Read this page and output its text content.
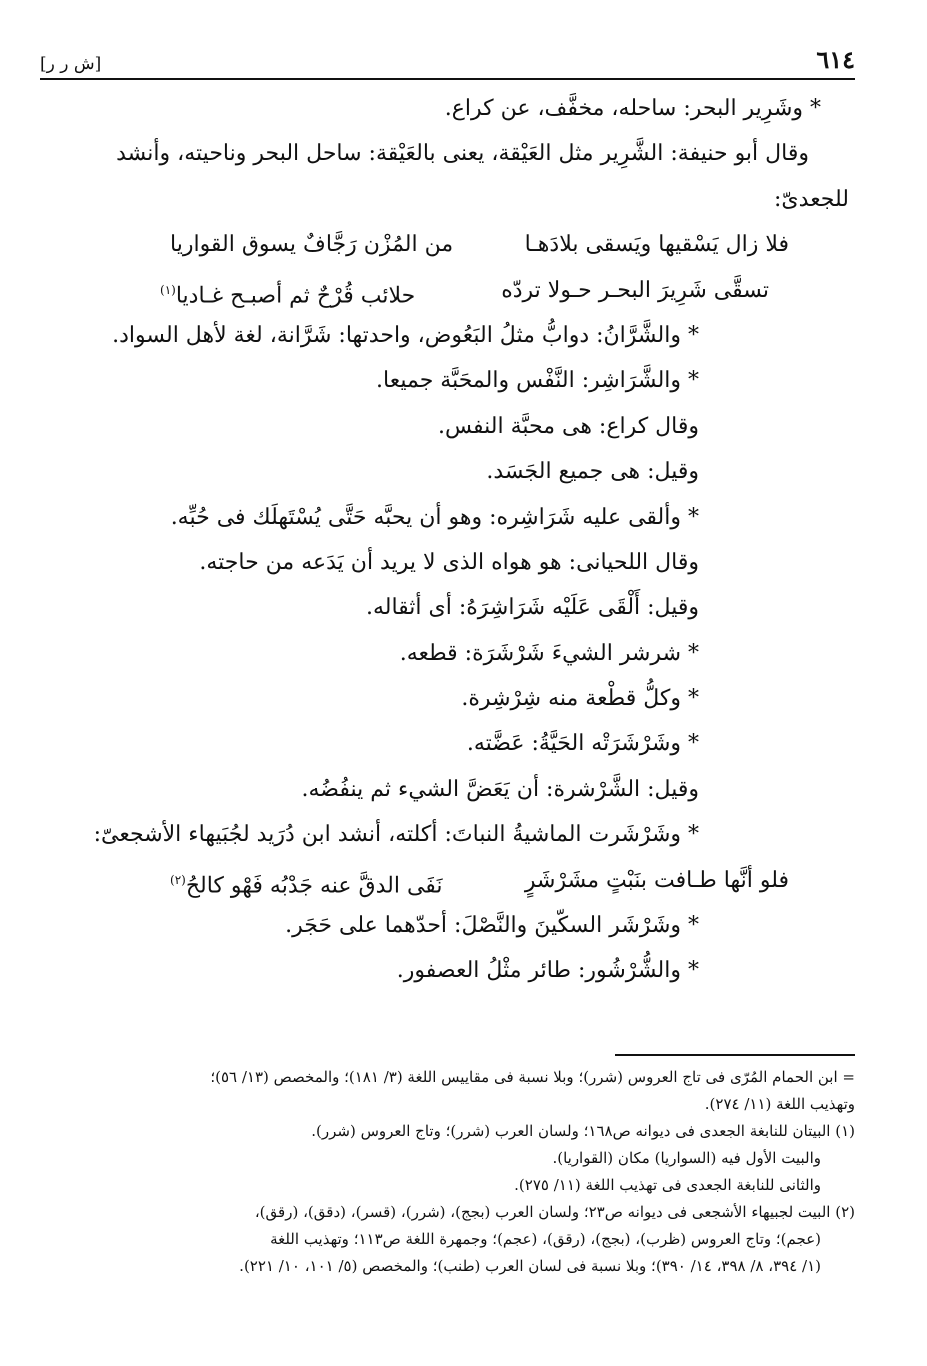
٦١٤
[ش ر ر]
* وشَرِير البحر: ساحله، مخفَّف، عن كراع.
وقال أبو حنيفة: الشَّرِير مثل العَيْقة، يعنى بالعَيْقة: ساحل البحر وناحيته، وأنشد
للجعدىّ:
فلا زال يَسْقيها ويَسقى بلادَهـا
من المُزْن رَجَّافٌ يسوق القواريا
تسقَّى شَرِيرَ البحـر حـولا تردّه
حلائب قُرْحٌ ثم أصبـح غـاديا$^{(١)}$
* والشَّرَّانُ: دوابُّ مثلُ البَعُوض، واحدتها: شَرَّانة، لغة لأهل السواد.
* والشَّرَاشِر: النَّفْس والمحَبَّة جميعا.
وقال كراع: هى محبَّة النفس.
وقيل: هى جميع الجَسَد.
* وألقى عليه شَرَاشِره: وهو أن يحبَّه حَتَّى يُسْتَهلَك فى حُبِّه.
وقال اللحيانى: هو هواه الذى لا يريد أن يَدَعه من حاجته.
وقيل: أَلْقَى عَلَيْه شَرَاشِرَهُ: أى أثقاله.
* شرشر الشيءَ شَرْشَرَة: قطعه.
* وكلُّ قطْعة منه شِرْشِرة.
* وشَرْشَرَتْه الحَيَّةُ: عَضَّته.
وقيل: الشَّرْشرة: أن يَعَضَّ الشيء ثم ينفُضُه.
* وشَرْشَرت الماشيةُ النباتَ: أكلته، أنشد ابن دُرَيد لجُبَيهاء الأشجعىّ:
فلو أنَّها طـافت بنَبْتٍ مشَرْشَرٍ
نَفَى الدقَّ عنه جَدْبُه فَهْو كالحُ$^{(٢)}$
* وشَرْشَر السكّينَ والنَّصْلَ: أحدّهما على حَجَر.
* والشُّرْشُور: طائر مثْلُ العصفور.
= ابن الحمام المُرّى فى تاج العروس (شرر)؛ وبلا نسبة فى مقاييس اللغة (٣/ ١٨١)؛ والمخصص (١٣/ ٥٦)؛
وتهذيب اللغة (١١/ ٢٧٤).
(١) البيتان للنابغة الجعدى فى ديوانه ص١٦٨؛ ولسان العرب (شرر)؛ وتاج العروس (شرر).
والبيت الأول فيه (السواريا) مكان (القواريا).
والثانى للنابغة الجعدى فى تهذيب اللغة (١١/ ٢٧٥).
(٢) البيت لجبيهاء الأشجعى فى ديوانه ص٢٣؛ ولسان العرب (بجج)، (شرر)، (قسر)، (دقق)، (رقق)،
(عجم)؛ وتاج العروس (ظرب)، (بجج)، (رقق)، (عجم)؛ وجمهرة اللغة ص١١٣؛ وتهذيب اللغة
(١/ ٣٩٤، ٨/ ٣٩٨، ١٤/ ٣٩٠)؛ وبلا نسبة فى لسان العرب (طنب)؛ والمخصص (٥/ ١٠١، ١٠/ ٢٢١).
